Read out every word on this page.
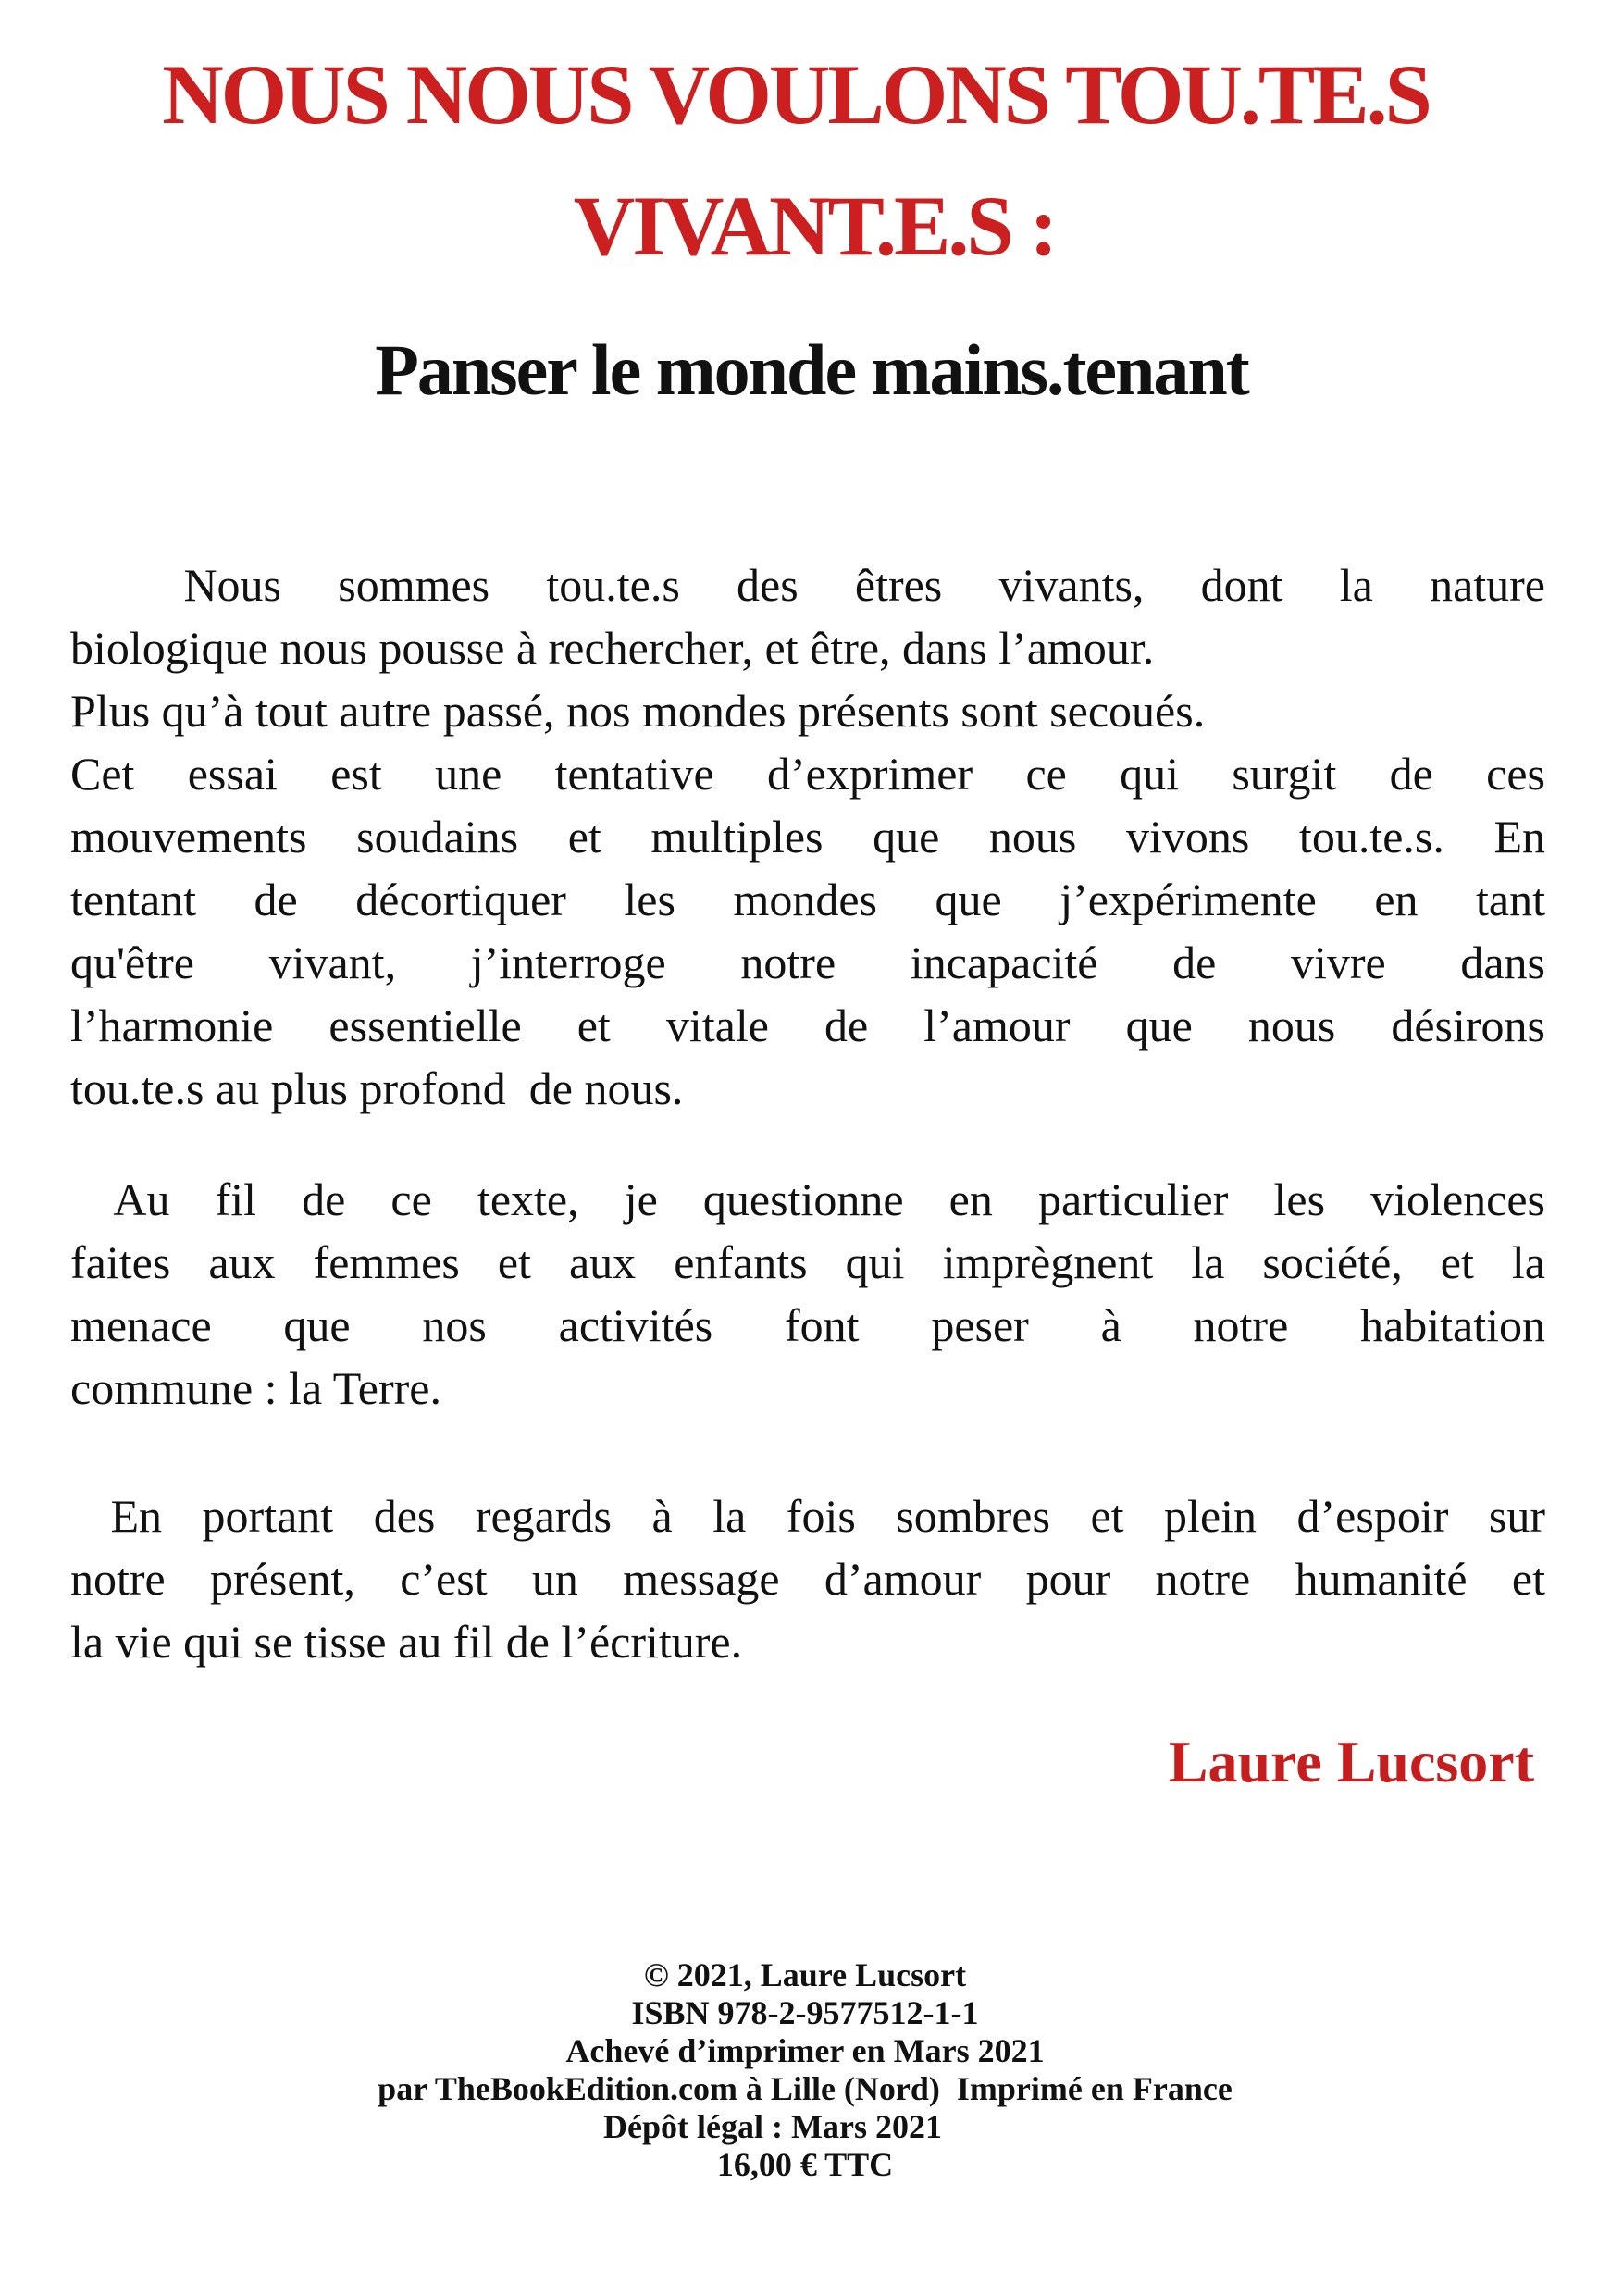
NOUS NOUS VOULONS TOU.TE.S
VIVANT.E.S :
Panser le monde mains.tenant

Nous sommes tou.te.s des êtres vivants, dont la nature
biologique nous pousse à rechercher, et être, dans l’amour.
Plus qu’à tout autre passé, nos mondes présents sont secoués.
Cet essai est une tentative d’exprimer ce qui surgit de ces
mouvements soudains et multiples que nous vivons tou.te.s. En
tentant de décortiquer les mondes que j’expérimente en tant
qu'être vivant, j’interroge notre incapacité de vivre dans
l’harmonie essentielle et vitale de l’amour que nous désirons
tou.te.s au plus profond  de nous.

Au fil de ce texte, je questionne en particulier les violences
faites aux femmes et aux enfants qui imprègnent la société, et la
menace que nos activités font peser à notre habitation
commune : la Terre.

En portant des regards à la fois sombres et plein d’espoir sur
notre présent, c’est un message d’amour pour notre humanité et
la vie qui se tisse au fil de l’écriture.

Laure Lucsort

© 2021, Laure Lucsort
ISBN 978-2-9577512-1-1
Achevé d’imprimer en Mars 2021
par TheBookEdition.com à Lille (Nord)  Imprimé en France
Dépôt légal : Mars 2021
16,00 € TTC
